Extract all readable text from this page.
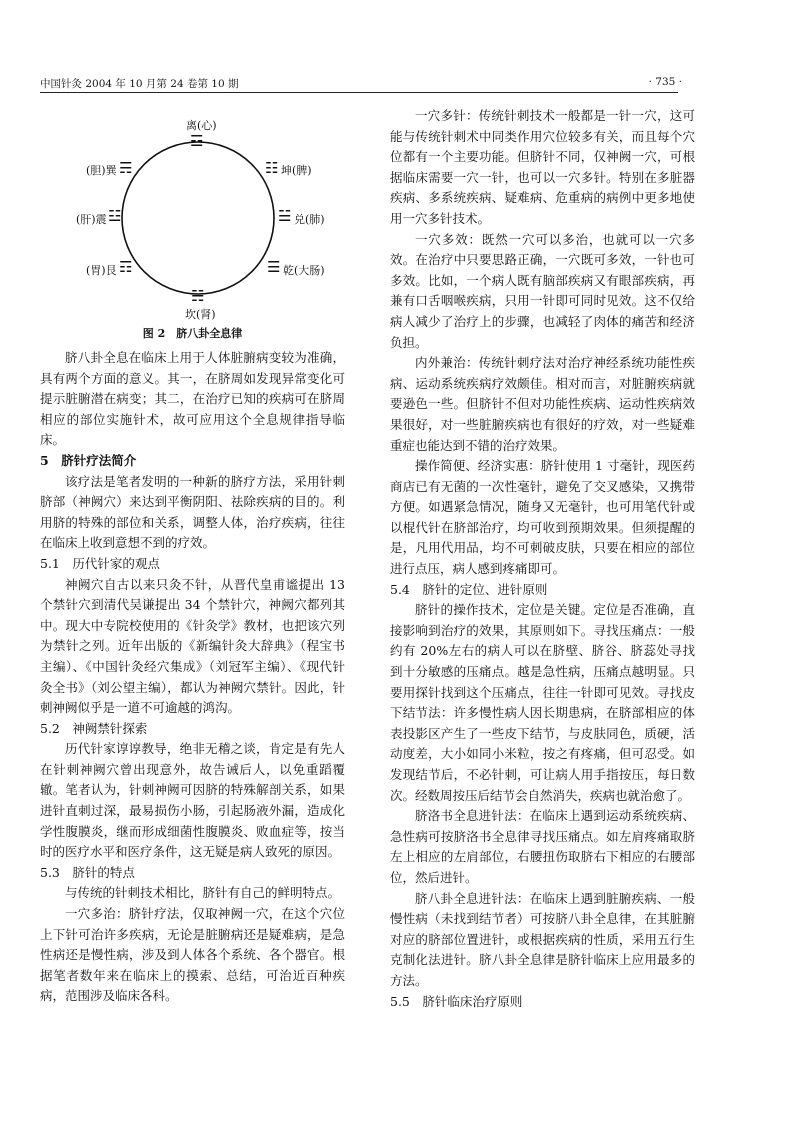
中国针灸 2004 年 10 月第 24 卷第 10 期	· 735 ·
离(心)
☲
坤(脾)
☷
兑(肺)
☱
乾(大肠)
☰
☵
坎(肾)
(胃)艮 ☶
(肝)震 ☳
(胆)巽 ☴
图 2　脐八卦全息律

脐八卦全息在临床上用于人体脏腑病变较为准确，具有两个方面的意义。其一，在脐周如发现异常变化可提示脏腑潜在病变；其二，在治疗已知的疾病可在脐周相应的部位实施针术，故可应用这个全息规律指导临床。

5　脐针疗法简介

该疗法是笔者发明的一种新的脐疗方法，采用针刺脐部（神阙穴）来达到平衡阴阳、祛除疾病的目的。利用脐的特殊的部位和关系，调整人体，治疗疾病，往往在临床上收到意想不到的疗效。

5.1　历代针家的观点

神阙穴自古以来只灸不针，从晋代皇甫谧提出 13 个禁针穴到清代吴谦提出 34 个禁针穴，神阙穴都列其中。现大中专院校使用的《针灸学》教材，也把该穴列为禁针之列。近年出版的《新编针灸大辞典》（程宝书主编）、《中国针灸经穴集成》（刘冠军主编）、《现代针灸全书》（刘公望主编），都认为神阙穴禁针。因此，针刺神阙似乎是一道不可逾越的鸿沟。

5.2　神阙禁针探索

历代针家谆谆教导，绝非无稽之谈，肯定是有先人在针刺神阙穴曾出现意外，故告诫后人，以免重蹈覆辙。笔者认为，针刺神阙可因脐的特殊解剖关系，如果进针直刺过深，最易损伤小肠，引起肠液外漏，造成化学性腹膜炎，继而形成细菌性腹膜炎、败血症等，按当时的医疗水平和医疗条件，这无疑是病人致死的原因。

5.3　脐针的特点

与传统的针刺技术相比，脐针有自己的鲜明特点。

一穴多治：脐针疗法，仅取神阙一穴，在这个穴位上下针可治许多疾病，无论是脏腑病还是疑难病，是急性病还是慢性病，涉及到人体各个系统、各个器官。根据笔者数年来在临床上的摸索、总结，可治近百种疾病，范围涉及临床各科。

一穴多针：传统针刺技术一般都是一针一穴，这可能与传统针刺术中同类作用穴位较多有关，而且每个穴位都有一个主要功能。但脐针不同，仅神阙一穴，可根据临床需要一穴一针，也可以一穴多针。特别在多脏器疾病、多系统疾病、疑难病、危重病的病例中更多地使用一穴多针技术。

一穴多效：既然一穴可以多治，也就可以一穴多效。在治疗中只要思路正确，一穴既可多效，一针也可多效。比如，一个病人既有脑部疾病又有眼部疾病，再兼有口舌咽喉疾病，只用一针即可同时见效。这不仅给病人减少了治疗上的步骤，也减轻了肉体的痛苦和经济负担。

内外兼治：传统针刺疗法对治疗神经系统功能性疾病、运动系统疾病疗效颇佳。相对而言，对脏腑疾病就要逊色一些。但脐针不但对功能性疾病、运动性疾病效果很好，对一些脏腑疾病也有很好的疗效，对一些疑难重症也能达到不错的治疗效果。

操作简便、经济实惠：脐针使用 1 寸毫针，现医药商店已有无菌的一次性毫针，避免了交叉感染，又携带方便。如遇紧急情况，随身又无毫针，也可用笔代针或以棍代针在脐部治疗，均可收到预期效果。但须提醒的是，凡用代用品，均不可刺破皮肤，只要在相应的部位进行点压，病人感到疼痛即可。

5.4　脐针的定位、进针原则

脐针的操作技术，定位是关键。定位是否准确，直接影响到治疗的效果，其原则如下。寻找压痛点：一般约有 20%左右的病人可以在脐壁、脐谷、脐蕊处寻找到十分敏感的压痛点。越是急性病，压痛点越明显。只要用探针找到这个压痛点，往往一针即可见效。寻找皮下结节法：许多慢性病人因长期患病，在脐部相应的体表投影区产生了一些皮下结节，与皮肤同色，质硬，活动度差，大小如同小米粒，按之有疼痛，但可忍受。如发现结节后，不必针刺，可让病人用手指按压，每日数次。经数周按压后结节会自然消失，疾病也就治愈了。

脐洛书全息进针法：在临床上遇到运动系统疾病、急性病可按脐洛书全息律寻找压痛点。如左肩疼痛取脐左上相应的左肩部位，右腰扭伤取脐右下相应的右腰部位，然后进针。

脐八卦全息进针法：在临床上遇到脏腑疾病、一般慢性病（未找到结节者）可按脐八卦全息律，在其脏腑对应的脐部位置进针，或根据疾病的性质，采用五行生克制化法进针。脐八卦全息律是脐针临床上应用最多的方法。

5.5　脐针临床治疗原则
